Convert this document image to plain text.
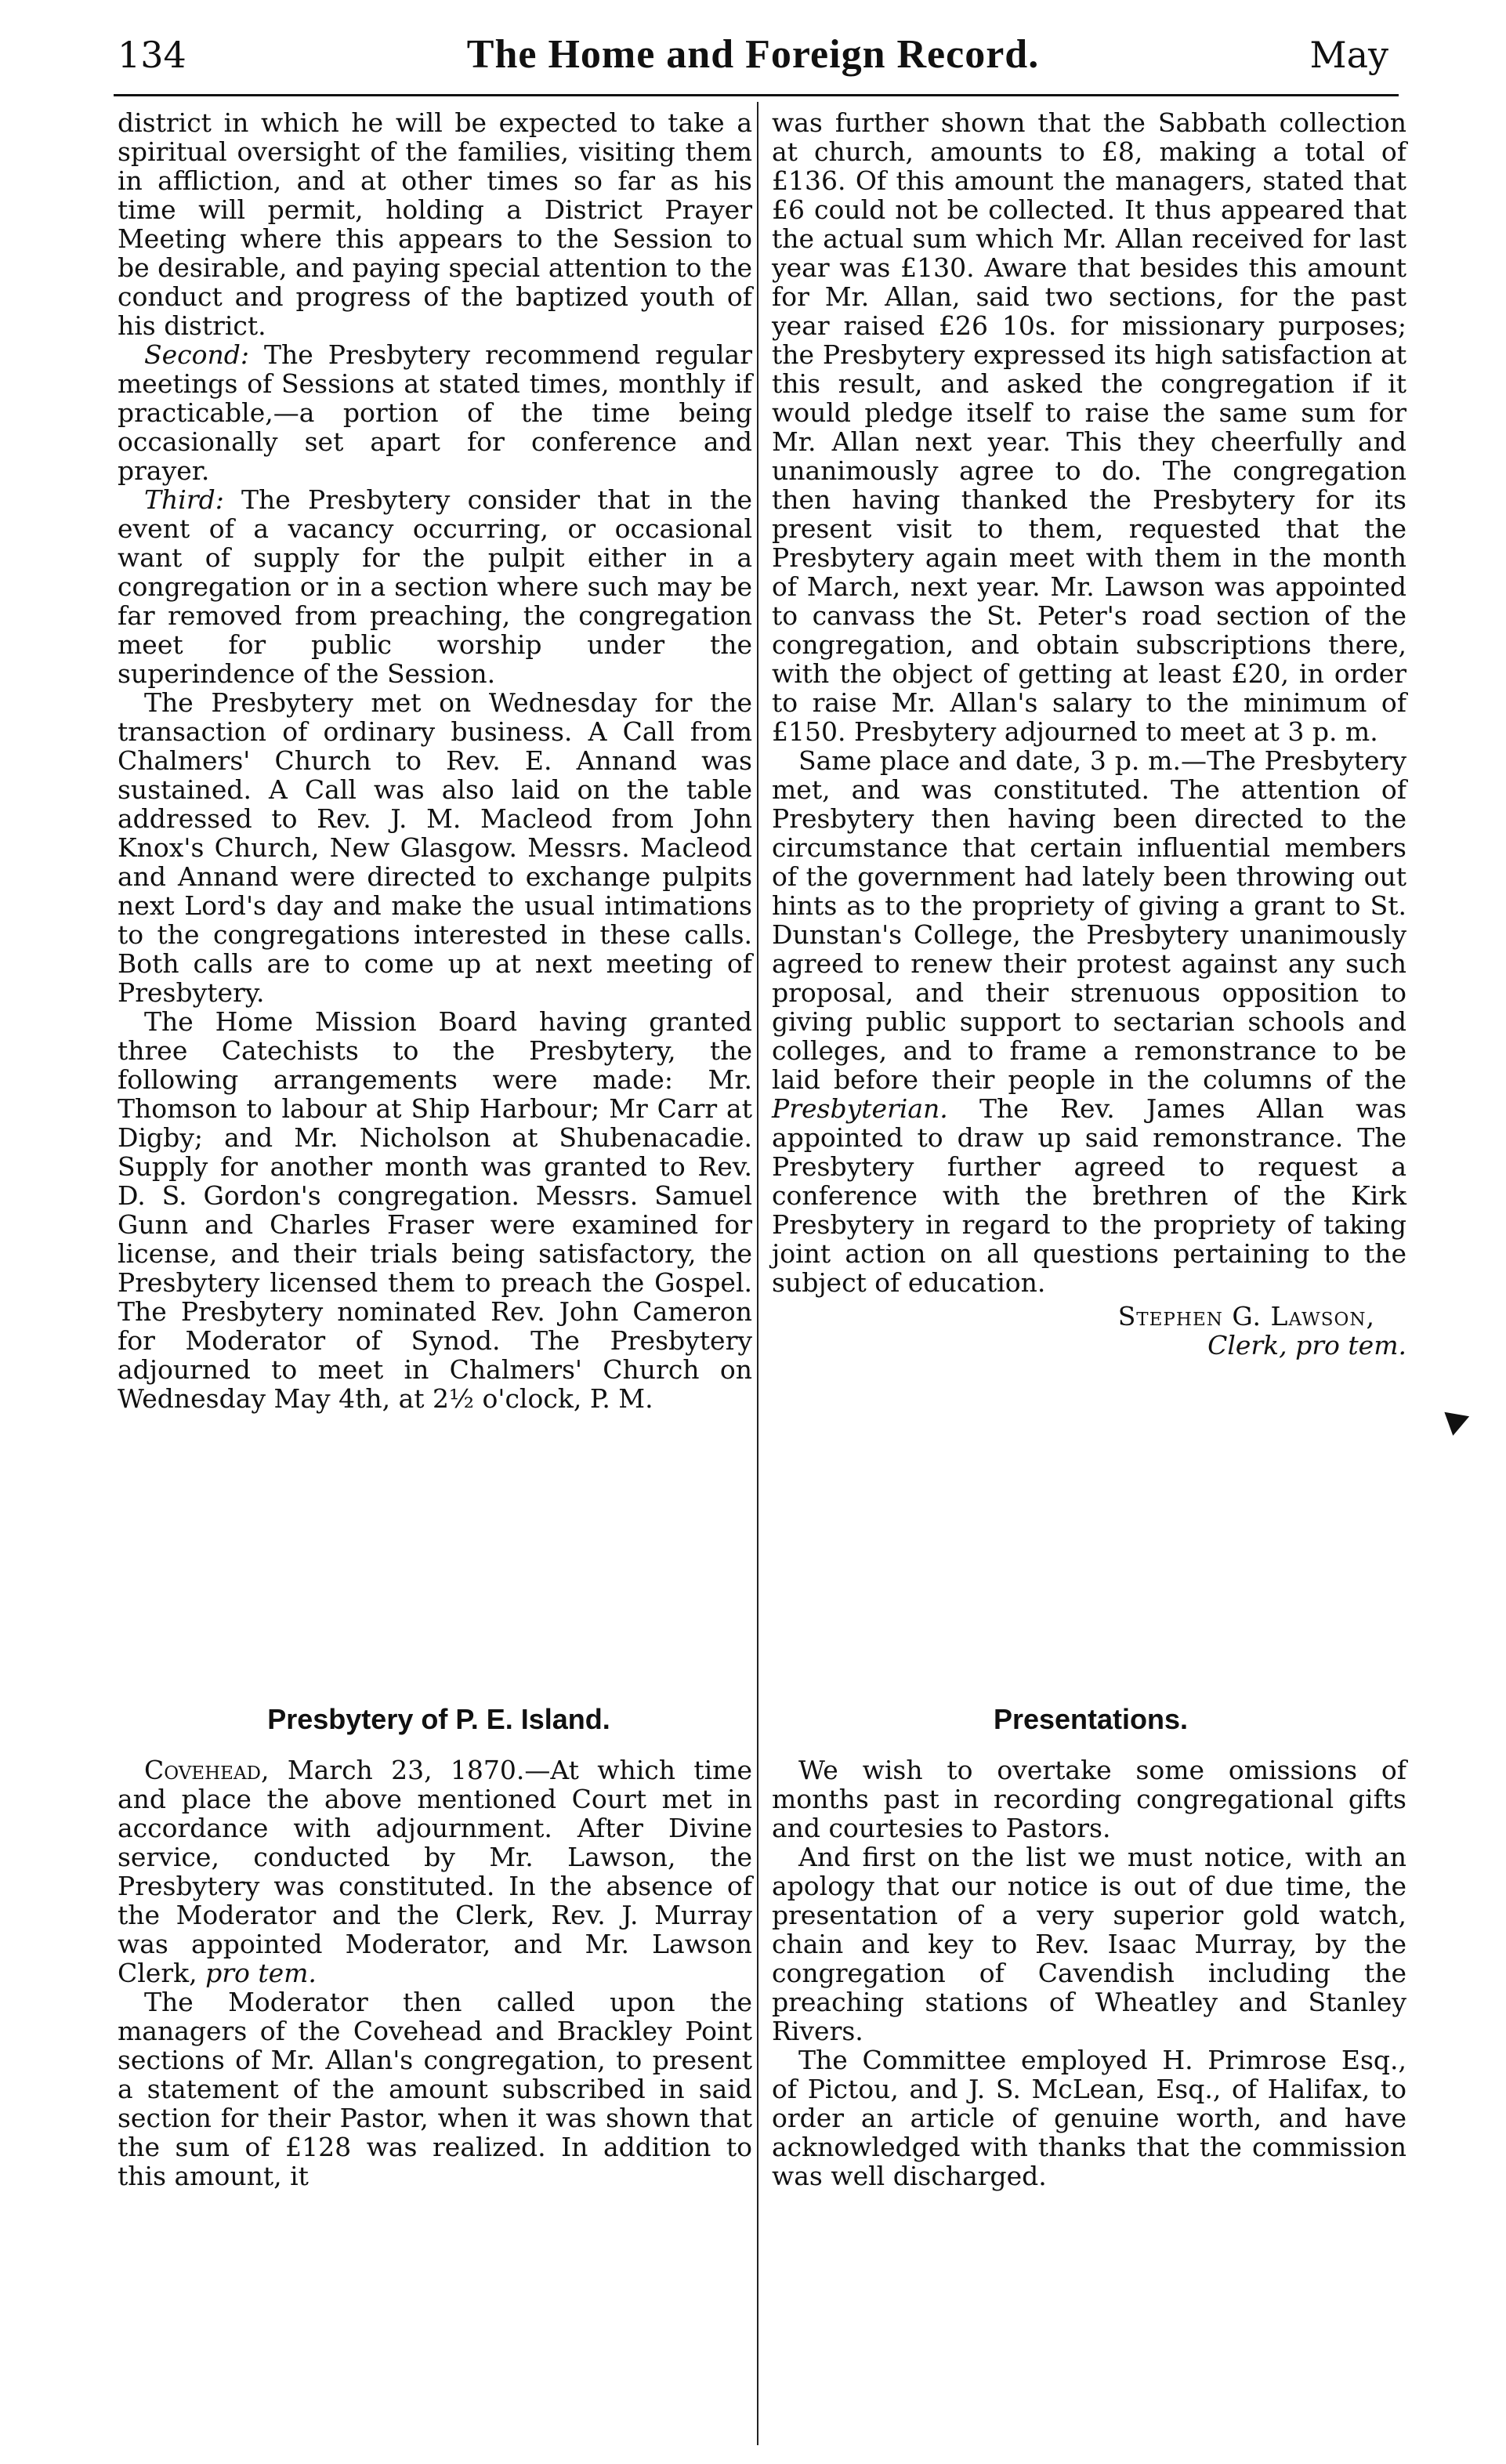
134	The Home and Foreign Record.	May

district in which he will be expected to take a spiritual oversight of the families, visiting them in affliction, and at other times so far as his time will permit, holding a District Prayer Meeting where this appears to the Session to be desirable, and paying special attention to the conduct and progress of the baptized youth of his district.

Second: The Presbytery recommend regular meetings of Sessions at stated times, monthly if practicable,—a portion of the time being occasionally set apart for conference and prayer.

Third: The Presbytery consider that in the event of a vacancy occurring, or occasional want of supply for the pulpit either in a congregation or in a section where such may be far removed from preaching, the congregation meet for public worship under the superindence of the Session.

The Presbytery met on Wednesday for the transaction of ordinary business. A Call from Chalmers' Church to Rev. E. Annand was sustained. A Call was also laid on the table addressed to Rev. J. M. Macleod from John Knox's Church, New Glasgow. Messrs. Macleod and Annand were directed to exchange pulpits next Lord's day and make the usual intimations to the congregations interested in these calls. Both calls are to come up at next meeting of Presbytery.

The Home Mission Board having granted three Catechists to the Presbytery, the following arrangements were made: Mr. Thomson to labour at Ship Harbour; Mr Carr at Digby; and Mr. Nicholson at Shubenacadie. Supply for another month was granted to Rev. D. S. Gordon's congregation. Messrs. Samuel Gunn and Charles Fraser were examined for license, and their trials being satisfactory, the Presbytery licensed them to preach the Gospel. The Presbytery nominated Rev. John Cameron for Moderator of Synod. The Presbytery adjourned to meet in Chalmers' Church on Wednesday May 4th, at 2½ o'clock, P. M.

was further shown that the Sabbath collection at church, amounts to £8, making a total of £136. Of this amount the managers, stated that £6 could not be collected. It thus appeared that the actual sum which Mr. Allan received for last year was £130. Aware that besides this amount for Mr. Allan, said two sections, for the past year raised £26 10s. for missionary purposes; the Presbytery expressed its high satisfaction at this result, and asked the congregation if it would pledge itself to raise the same sum for Mr. Allan next year. This they cheerfully and unanimously agree to do. The congregation then having thanked the Presbytery for its present visit to them, requested that the Presbytery again meet with them in the month of March, next year. Mr. Lawson was appointed to canvass the St. Peter's road section of the congregation, and obtain subscriptions there, with the object of getting at least £20, in order to raise Mr. Allan's salary to the minimum of £150. Presbytery adjourned to meet at 3 p. m.

Same place and date, 3 p. m.—The Presbytery met, and was constituted. The attention of Presbytery then having been directed to the circumstance that certain influential members of the government had lately been throwing out hints as to the propriety of giving a grant to St. Dunstan's College, the Presbytery unanimously agreed to renew their protest against any such proposal, and their strenuous opposition to giving public support to sectarian schools and colleges, and to frame a remonstrance to be laid before their people in the columns of the Presbyterian. The Rev. James Allan was appointed to draw up said remonstrance. The Presbytery further agreed to request a conference with the brethren of the Kirk Presbytery in regard to the propriety of taking joint action on all questions pertaining to the subject of education.

Stephen G. Lawson,
Clerk, pro tem.
Presbytery of P. E. Island.	Presentations.

Covehead, March 23, 1870.—At which time and place the above mentioned Court met in accordance with adjournment. After Divine service, conducted by Mr. Lawson, the Presbytery was constituted. In the absence of the Moderator and the Clerk, Rev. J. Murray was appointed Moderator, and Mr. Lawson Clerk, pro tem.

The Moderator then called upon the managers of the Covehead and Brackley Point sections of Mr. Allan's congregation, to present a statement of the amount subscribed in said section for their Pastor, when it was shown that the sum of £128 was realized. In addition to this amount, it

We wish to overtake some omissions of months past in recording congregational gifts and courtesies to Pastors.

And first on the list we must notice, with an apology that our notice is out of due time, the presentation of a very superior gold watch, chain and key to Rev. Isaac Murray, by the congregation of Cavendish including the preaching stations of Wheatley and Stanley Rivers.

The Committee employed H. Primrose Esq., of Pictou, and J. S. McLean, Esq., of Halifax, to order an article of genuine worth, and have acknowledged with thanks that the commission was well discharged.
